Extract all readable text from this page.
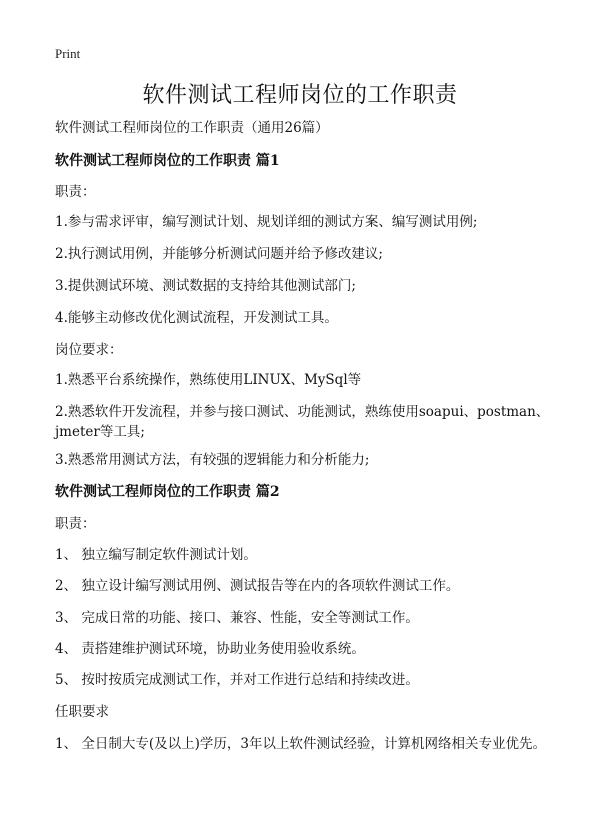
Print
软件测试工程师岗位的工作职责

软件测试工程师岗位的工作职责（通用26篇）

软件测试工程师岗位的工作职责 篇1

职责：

1.参与需求评审，编写测试计划、规划详细的测试方案、编写测试用例;

2.执行测试用例，并能够分析测试问题并给予修改建议;

3.提供测试环境、测试数据的支持给其他测试部门;

4.能够主动修改优化测试流程，开发测试工具。

岗位要求：

1.熟悉平台系统操作，熟练使用LINUX、MySql等

2.熟悉软件开发流程，并参与接口测试、功能测试，熟练使用soapui、postman、jmeter等工具;

3.熟悉常用测试方法，有较强的逻辑能力和分析能力;

软件测试工程师岗位的工作职责 篇2

职责：

1、 独立编写制定软件测试计划。

2、 独立设计编写测试用例、测试报告等在内的各项软件测试工作。

3、 完成日常的功能、接口、兼容、性能，安全等测试工作。

4、 责搭建维护测试环境，协助业务使用验收系统。

5、 按时按质完成测试工作，并对工作进行总结和持续改进。

任职要求

1、 全日制大专(及以上)学历，3年以上软件测试经验，计算机网络相关专业优先。
